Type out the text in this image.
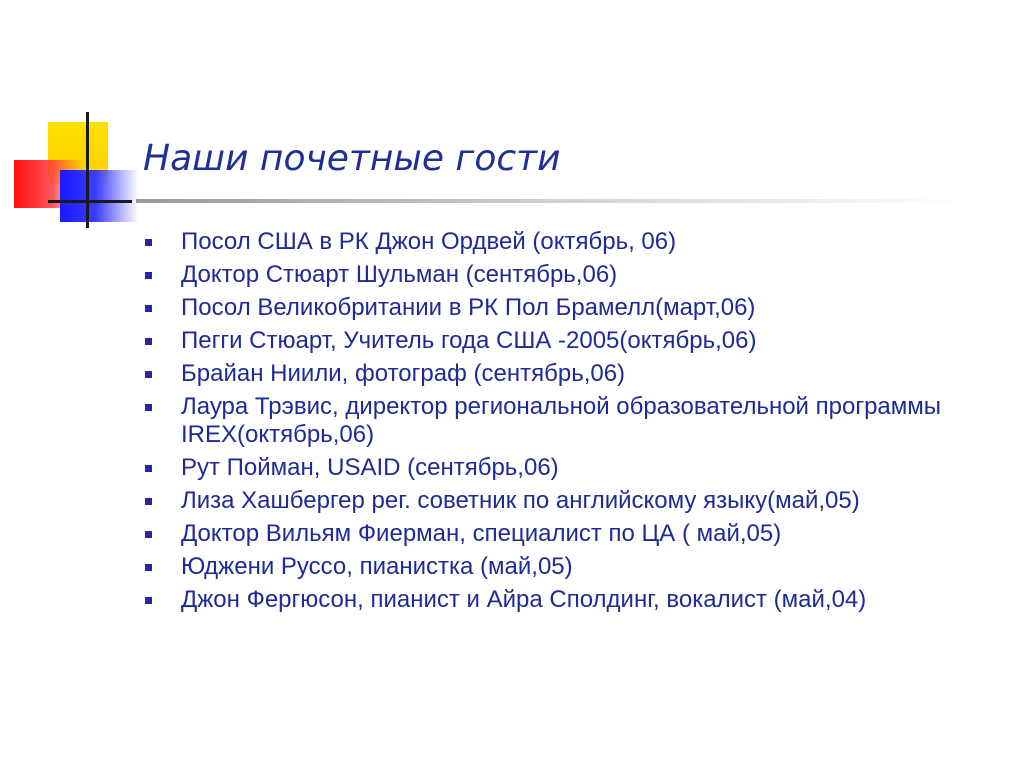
Наши почетные гости
Посол США в РК Джон Ордвей (октябрь, 06)
Доктор Стюарт Шульман (сентябрь,06)
Посол Великобритании в РК Пол Брамелл(март,06)
Пегги Стюарт, Учитель года США -2005(октябрь,06)
Брайан Ниили, фотограф (сентябрь,06)
Лаура Трэвис, директор региональной образовательной программы IREX(октябрь,06)
Рут Пойман, USAID (сентябрь,06)
Лиза Хашбергер рег. советник по английскому языку(май,05)
Доктор Вильям Фиерман, специалист по ЦА ( май,05)
Юджени Руссо, пианистка (май,05)
Джон Фергюсон, пианист и Айра Сполдинг, вокалист (май,04)
